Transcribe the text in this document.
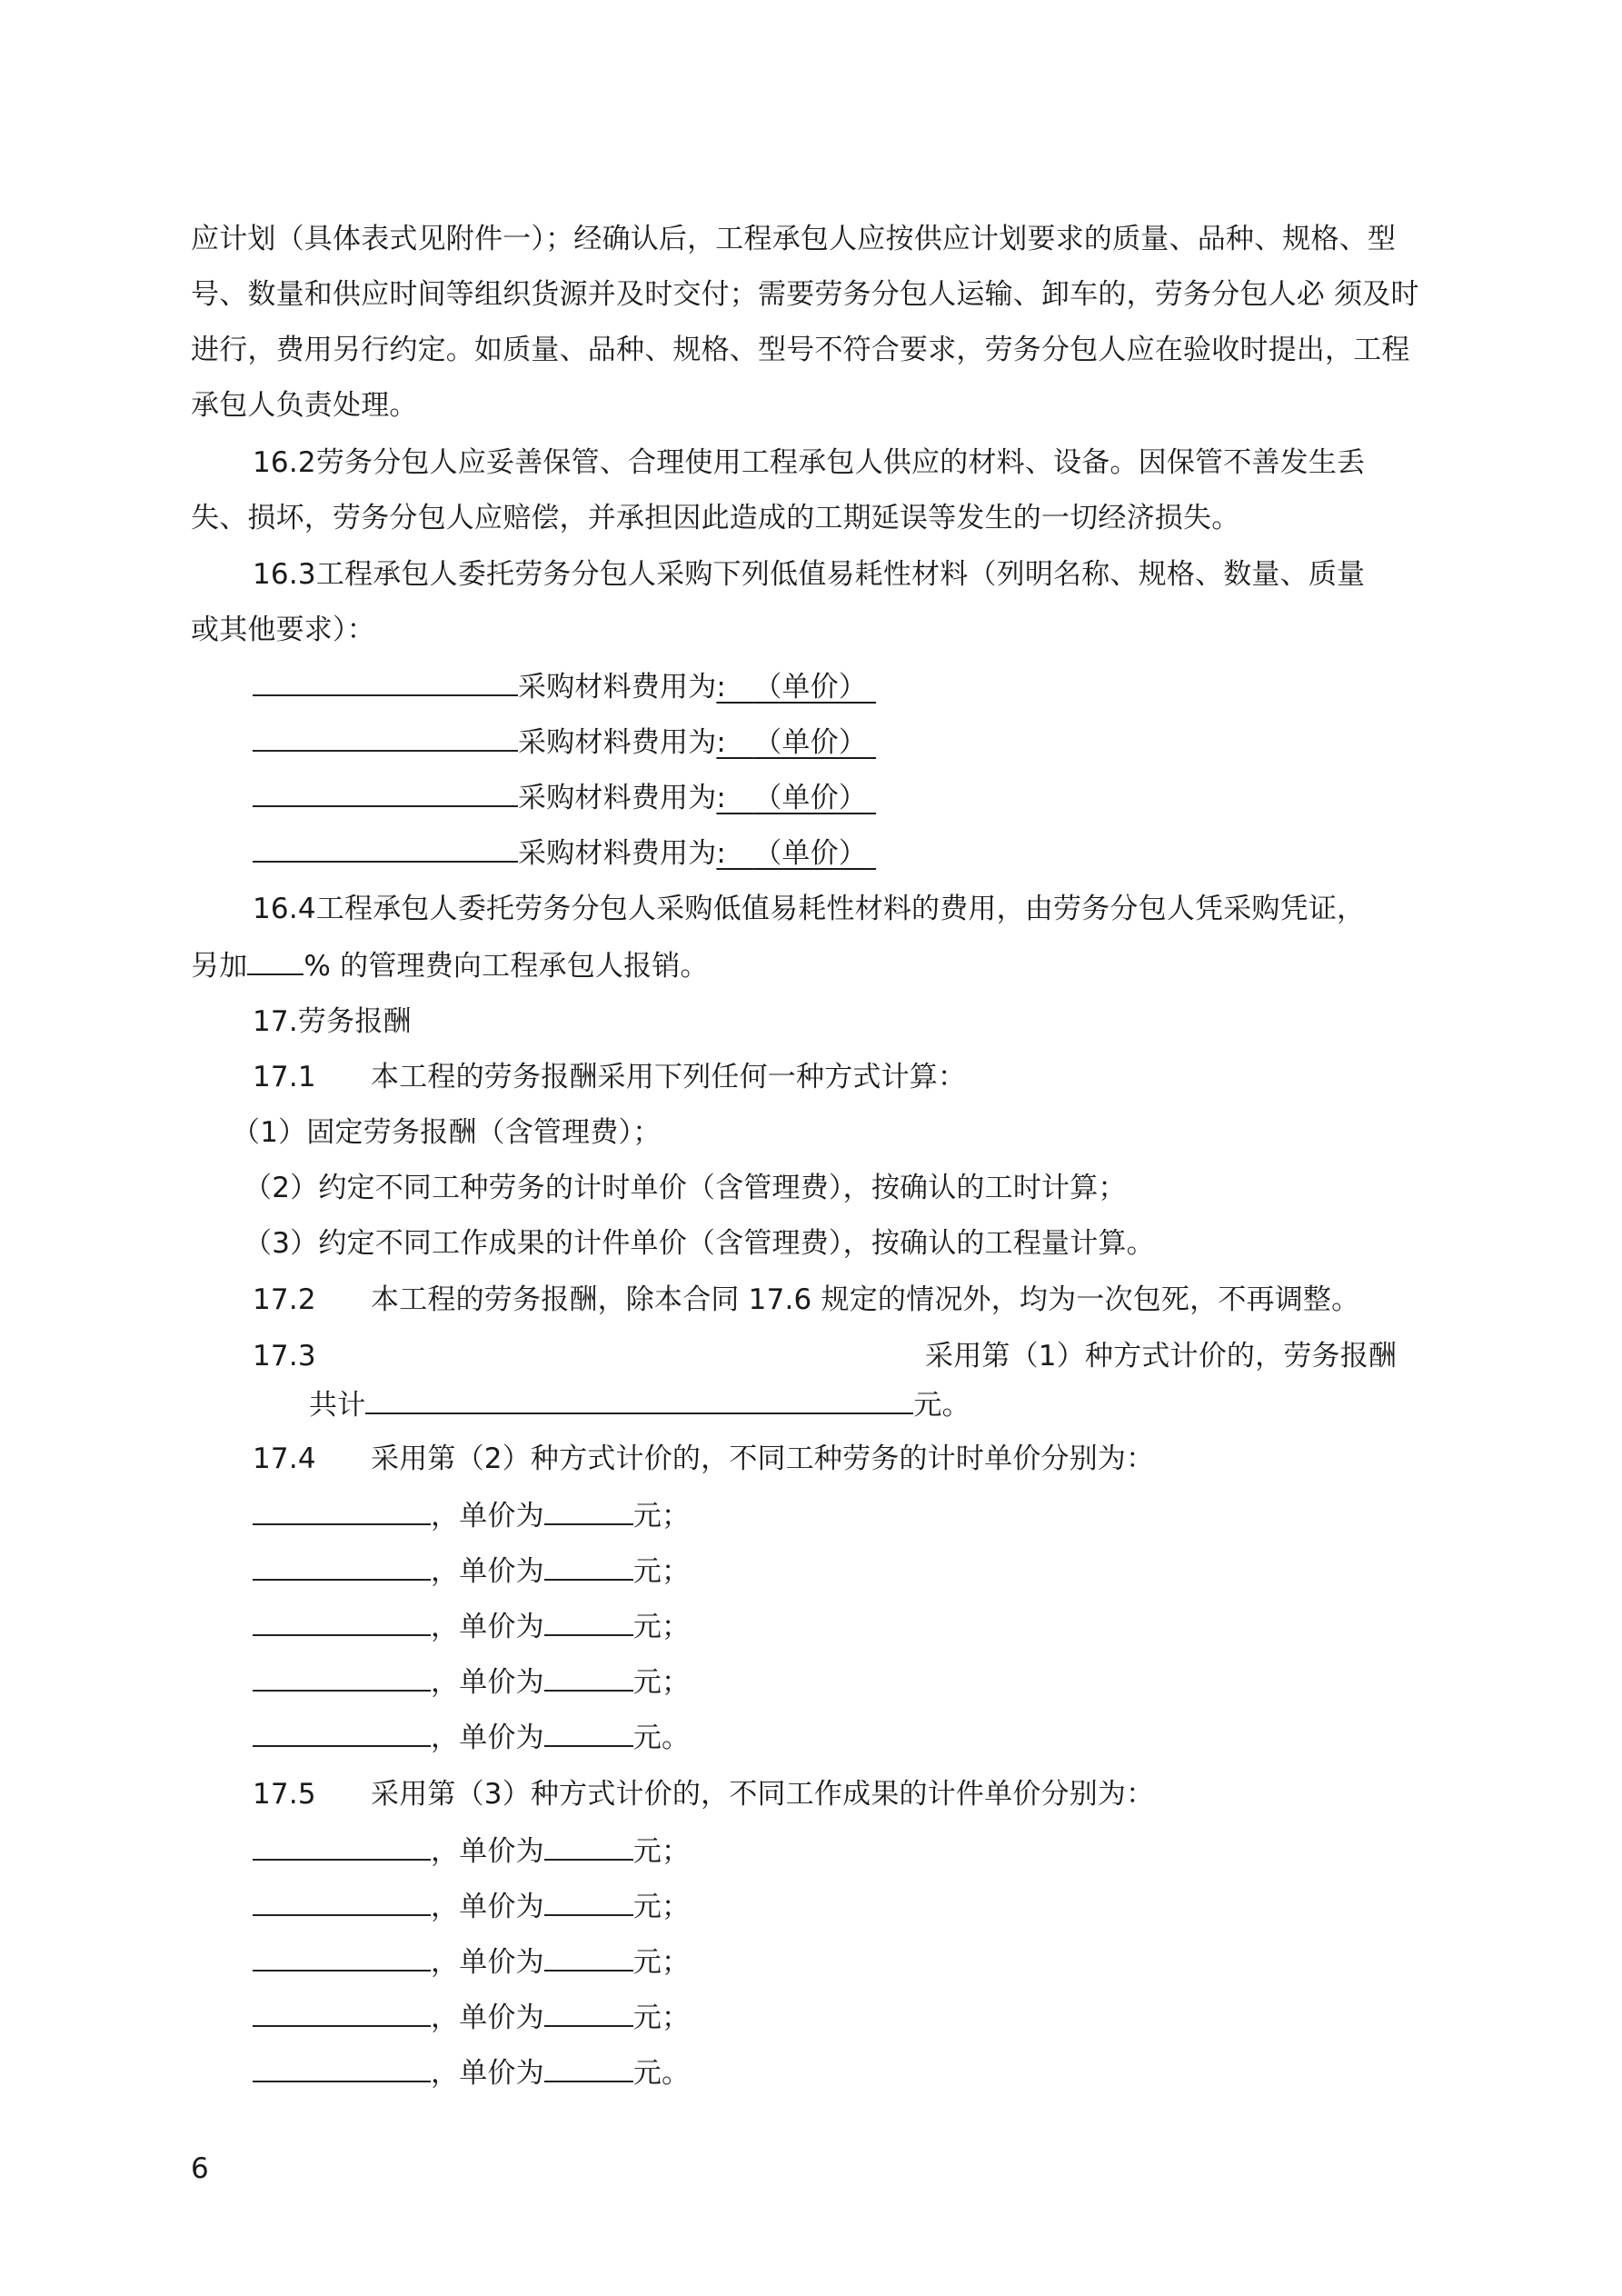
应计划（具体表式见附件一）；经确认后，工程承包人应按供应计划要求的质量、品种、规格、型
号、数量和供应时间等组织货源并及时交付；需要劳务分包人运输、卸车的，劳务分包人必 须及时
进行，费用另行约定。如质量、品种、规格、型号不符合要求，劳务分包人应在验收时提出，工程
承包人负责处理。
16.2劳务分包人应妥善保管、合理使用工程承包人供应的材料、设备。因保管不善发生丢
失、损坏，劳务分包人应赔偿，并承担因此造成的工期延误等发生的一切经济损失。
16.3工程承包人委托劳务分包人采购下列低值易耗性材料（列明名称、规格、数量、质量
或其他要求）：
采购材料费用为: （单价）
采购材料费用为: （单价）
采购材料费用为: （单价）
采购材料费用为: （单价）
16.4工程承包人委托劳务分包人采购低值易耗性材料的费用，由劳务分包人凭采购凭证，
另加 % 的管理费向工程承包人报销。
17.劳务报酬
17.1 本工程的劳务报酬采用下列任何一种方式计算：
（1）固定劳务报酬（含管理费）；
（2）约定不同工种劳务的计时单价（含管理费），按确认的工时计算；
（3）约定不同工作成果的计件单价（含管理费），按确认的工程量计算。
17.2 本工程的劳务报酬，除本合同 17.6 规定的情况外，均为一次包死，不再调整。
17.3	采用第（1）种方式计价的，劳务报酬
共计	元。
17.4 采用第（2）种方式计价的，不同工种劳务的计时单价分别为：
，单价为	元；
，单价为	元；
，单价为	元；
，单价为	元；
，单价为	元。
17.5 采用第（3）种方式计价的，不同工作成果的计件单价分别为：
，单价为	元；
，单价为	元；
，单价为	元；
，单价为	元；
，单价为	元。
6
